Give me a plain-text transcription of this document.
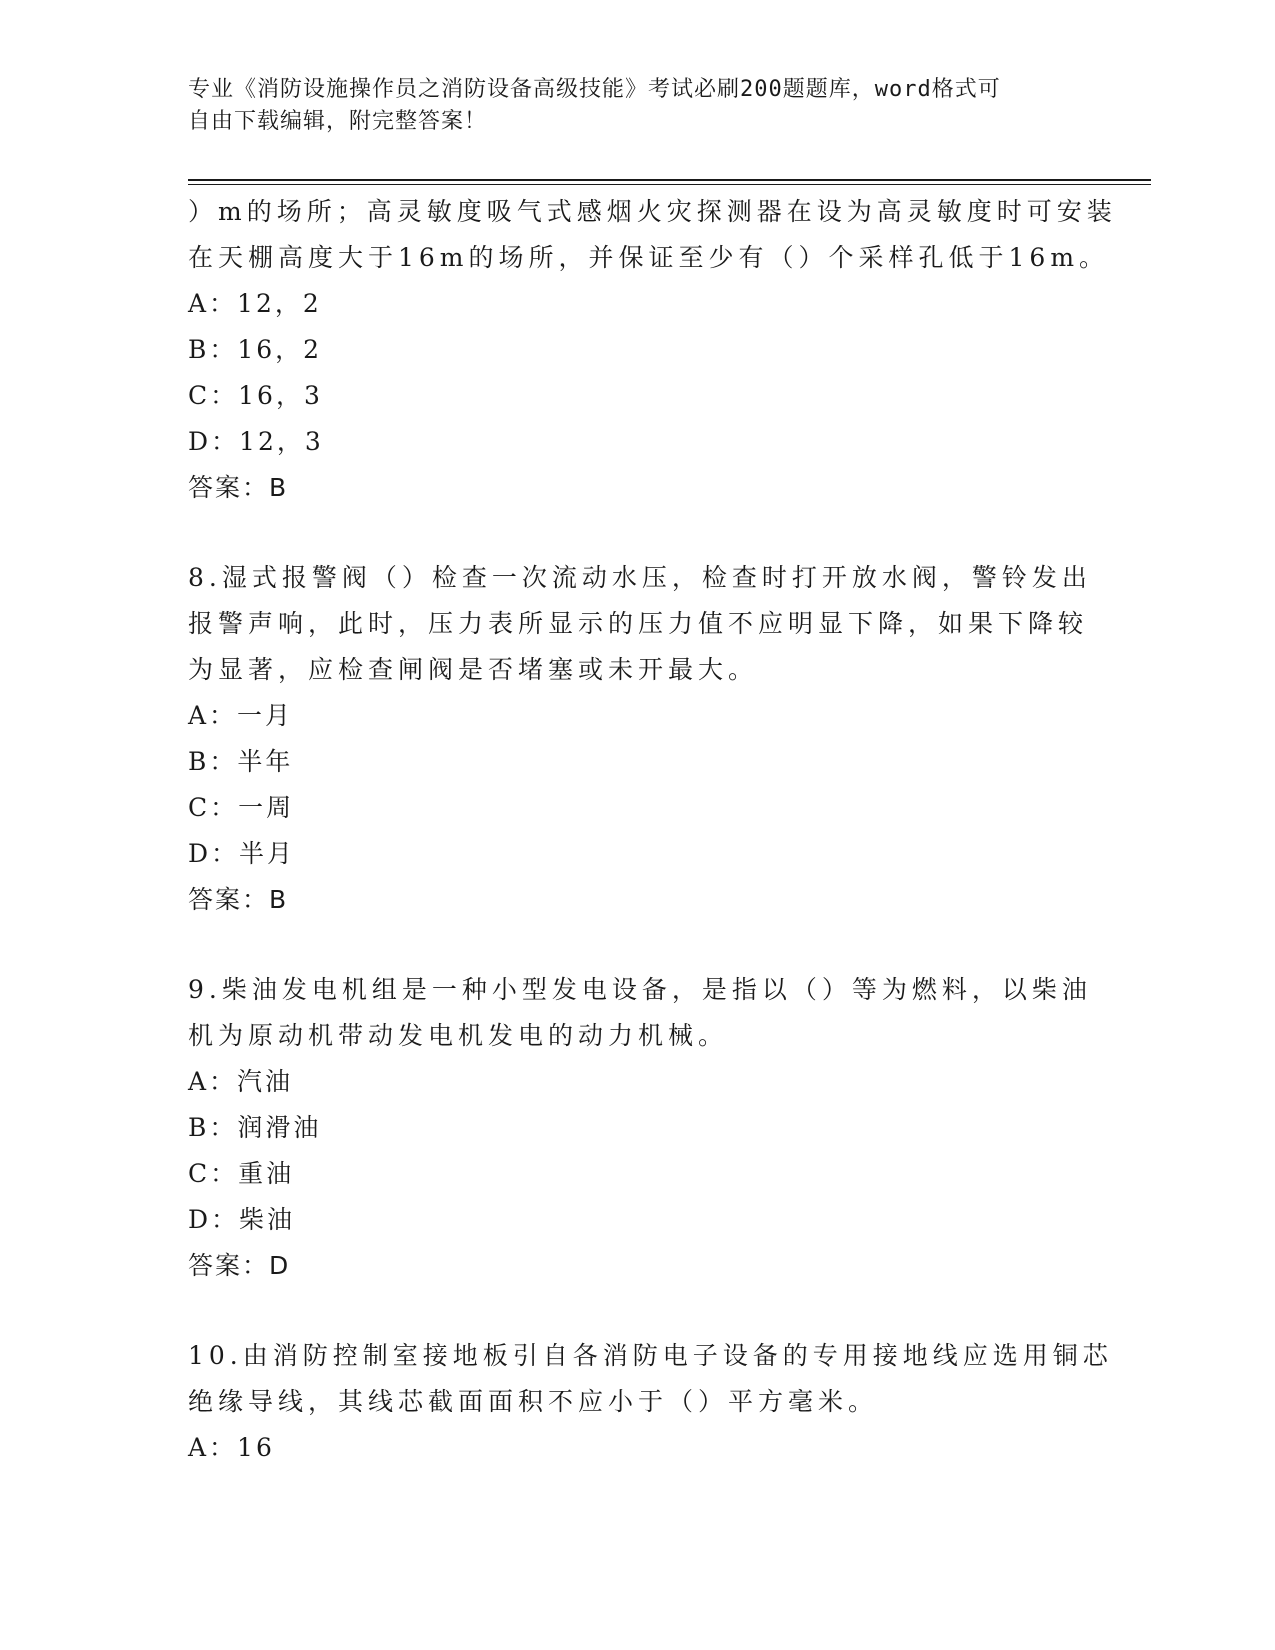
专业《消防设施操作员之消防设备高级技能》考试必刷200题题库，word格式可
自由下载编辑，附完整答案！
）m的场所；高灵敏度吸气式感烟火灾探测器在设为高灵敏度时可安装
在天棚高度大于16m的场所，并保证至少有（）个采样孔低于16m。
A：12，2
B：16，2
C：16，3
D：12，3
答案：B
8.湿式报警阀（）检查一次流动水压，检查时打开放水阀，警铃发出
报警声响，此时，压力表所显示的压力值不应明显下降，如果下降较
为显著，应检查闸阀是否堵塞或未开最大。
A：一月
B：半年
C：一周
D：半月
答案：B
9.柴油发电机组是一种小型发电设备，是指以（）等为燃料，以柴油
机为原动机带动发电机发电的动力机械。
A：汽油
B：润滑油
C：重油
D：柴油
答案：D
10.由消防控制室接地板引自各消防电子设备的专用接地线应选用铜芯
绝缘导线，其线芯截面面积不应小于（）平方毫米。
A：16
